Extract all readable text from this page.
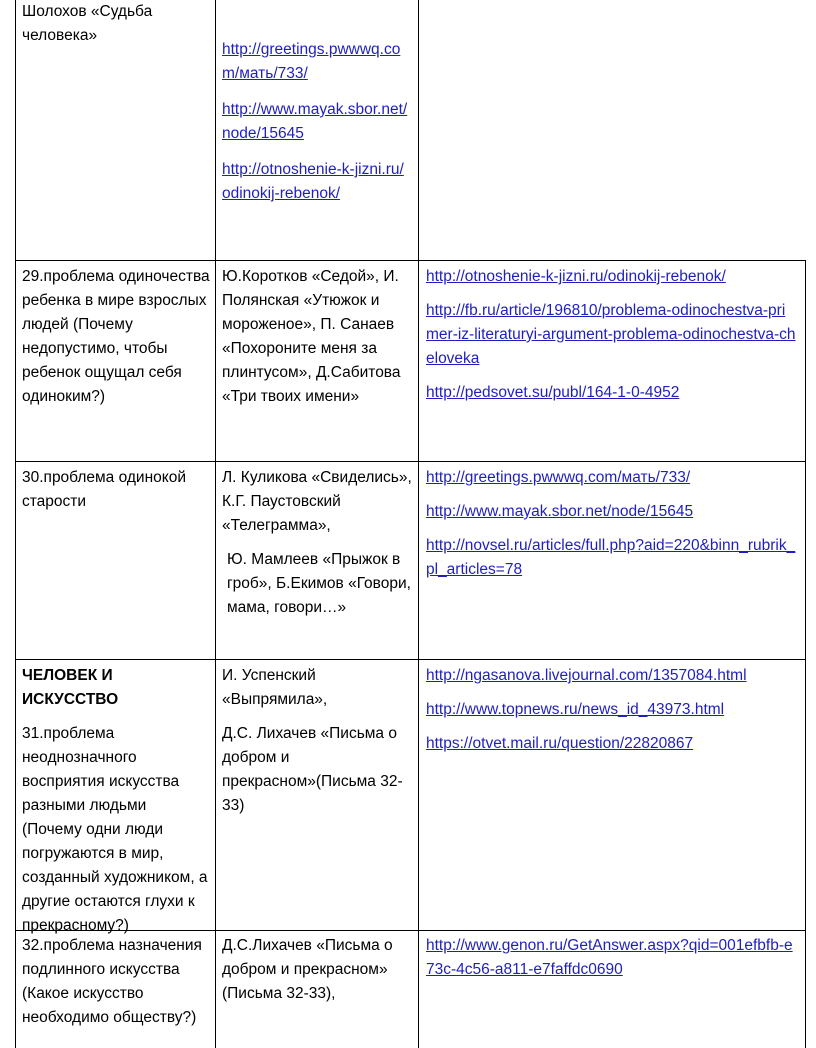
Шолохов «Судьба человека»

http://greetings.pwwwq.com/мать/733/
http://www.mayak.sbor.net/node/15645
http://otnoshenie-k-jizni.ru/odinokij-rebenok/

29.проблема одиночества ребенка в мире взрослых людей (Почему недопустимо, чтобы ребенок ощущал себя одиноким?)

Ю.Коротков «Седой», И. Полянская «Утюжок и мороженое», П. Санаев «Похороните меня за плинтусом», Д.Сабитова «Три твоих имени»

http://otnoshenie-k-jizni.ru/odinokij-rebenok/
http://fb.ru/article/196810/problema-odinochestva-primer-iz-literaturyi-argument-problema-odinochestva-cheloveka
http://pedsovet.su/publ/164-1-0-4952

30.проблема одинокой старости

Л. Куликова «Свиделись», К.Г. Паустовский «Телеграмма»,

Ю. Мамлеев «Прыжок в гроб», Б.Екимов «Говори, мама, говори…»

http://greetings.pwwwq.com/мать/733/
http://www.mayak.sbor.net/node/15645
http://novsel.ru/articles/full.php?aid=220&binn_rubrik_pl_articles=78

ЧЕЛОВЕК И ИСКУССТВО

31.проблема неоднозначного восприятия искусства разными людьми (Почему одни люди погружаются в мир, созданный художником, а другие остаются глухи к прекрасному?)

И. Успенский «Выпрямила»,

Д.С. Лихачев «Письма о добром и прекрасном»(Письма 32-33)

http://ngasanova.livejournal.com/1357084.html
http://www.topnews.ru/news_id_43973.html
https://otvet.mail.ru/question/22820867

32.проблема назначения подлинного искусства (Какое искусство необходимо обществу?)

Д.С.Лихачев «Письма о добром и прекрасном» (Письма 32-33),

http://www.genon.ru/GetAnswer.aspx?qid=001efbfb-e73c-4c56-a811-e7faffdc0690
